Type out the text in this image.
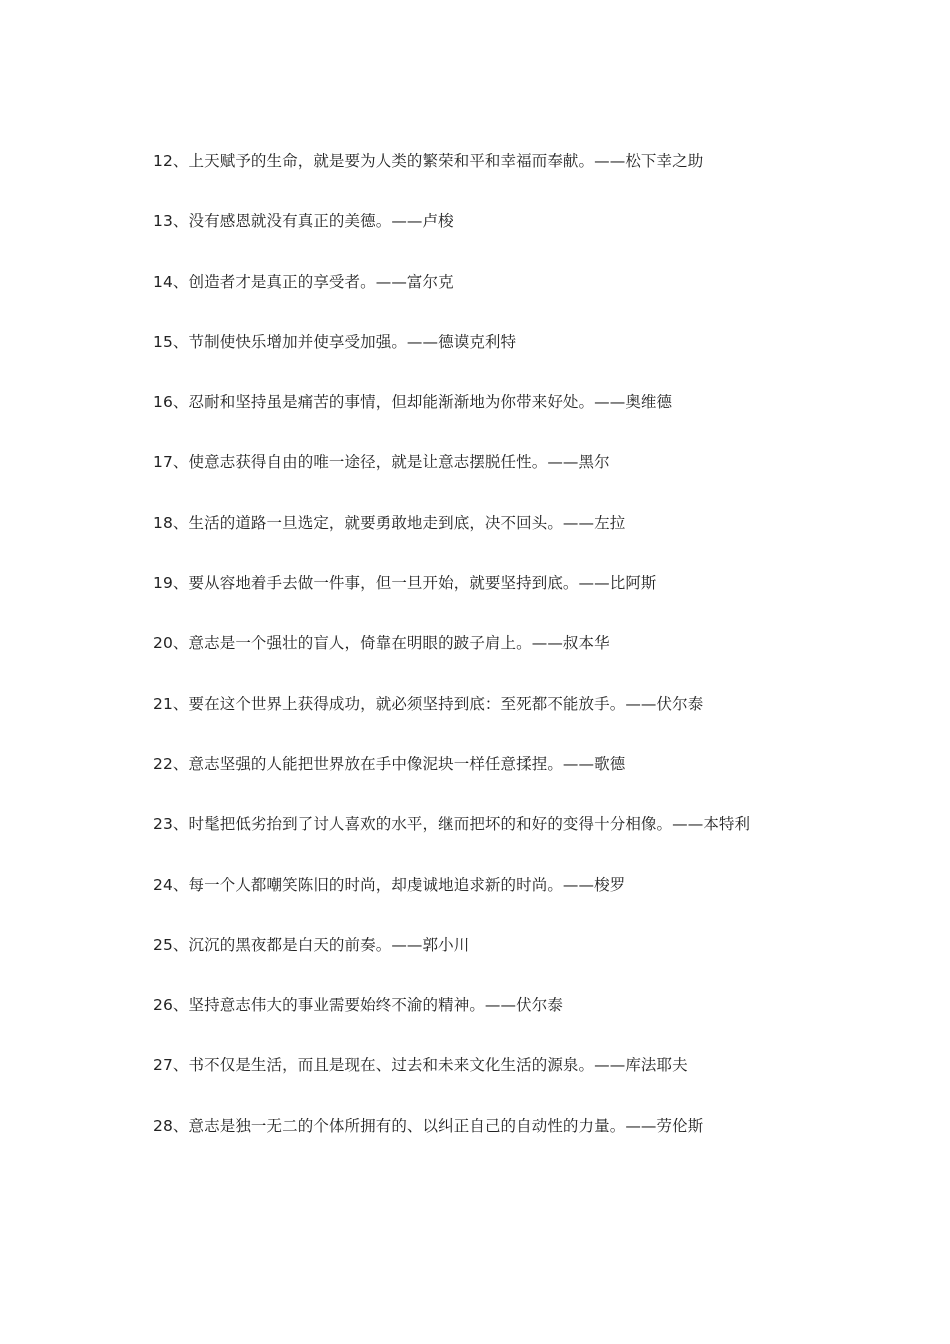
12、上天赋予的生命，就是要为人类的繁荣和平和幸福而奉献。——松下幸之助
13、没有感恩就没有真正的美德。——卢梭
14、创造者才是真正的享受者。——富尔克
15、节制使快乐增加并使享受加强。——德谟克利特
16、忍耐和坚持虽是痛苦的事情，但却能渐渐地为你带来好处。——奥维德
17、使意志获得自由的唯一途径，就是让意志摆脱任性。——黑尔
18、生活的道路一旦选定，就要勇敢地走到底，决不回头。——左拉
19、要从容地着手去做一件事，但一旦开始，就要坚持到底。——比阿斯
20、意志是一个强壮的盲人，倚靠在明眼的跛子肩上。——叔本华
21、要在这个世界上获得成功，就必须坚持到底：至死都不能放手。——伏尔泰
22、意志坚强的人能把世界放在手中像泥块一样任意揉捏。——歌德
23、时髦把低劣抬到了讨人喜欢的水平，继而把坏的和好的变得十分相像。——本特利
24、每一个人都嘲笑陈旧的时尚，却虔诚地追求新的时尚。——梭罗
25、沉沉的黑夜都是白天的前奏。——郭小川
26、坚持意志伟大的事业需要始终不渝的精神。——伏尔泰
27、书不仅是生活，而且是现在、过去和未来文化生活的源泉。——库法耶夫
28、意志是独一无二的个体所拥有的、以纠正自己的自动性的力量。——劳伦斯
